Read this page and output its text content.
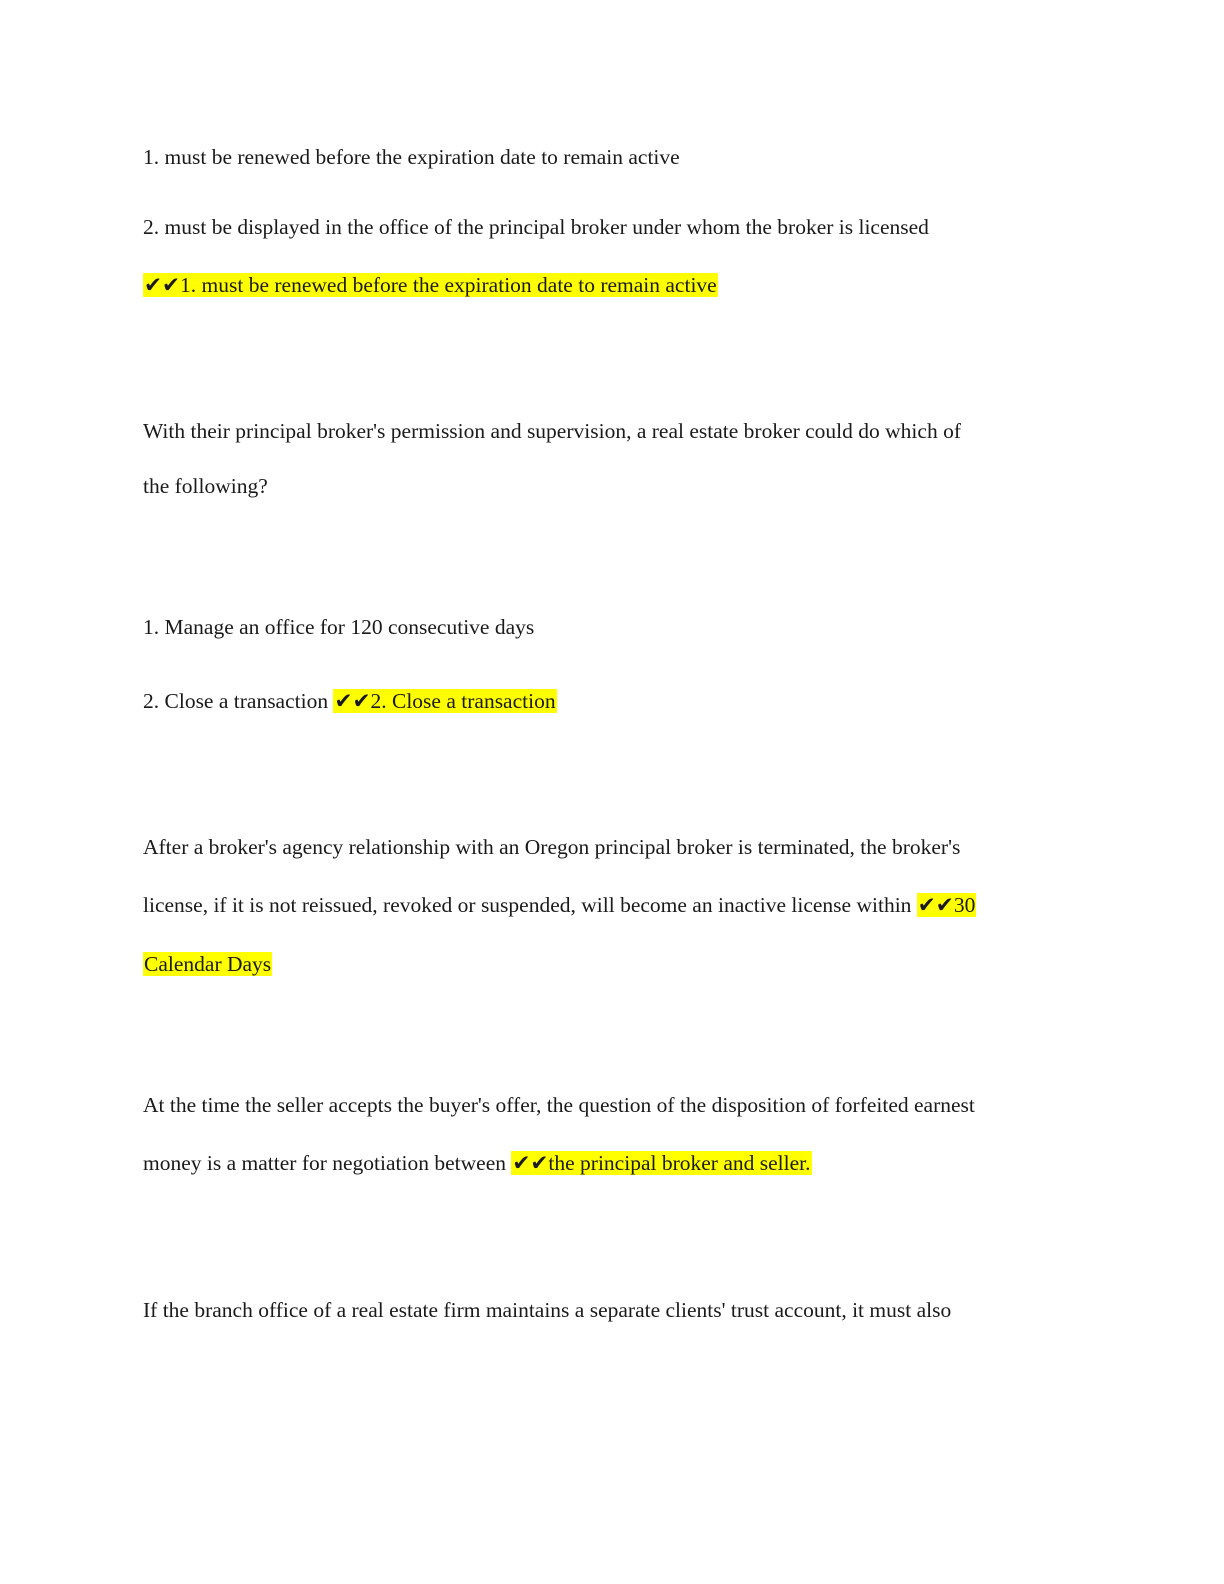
1. must be renewed before the expiration date to remain active

2. must be displayed in the office of the principal broker under whom the broker is licensed

✔✔1. must be renewed before the expiration date to remain active

With their principal broker's permission and supervision, a real estate broker could do which of

the following?

1. Manage an office for 120 consecutive days

2. Close a transaction ✔✔2. Close a transaction

After a broker's agency relationship with an Oregon principal broker is terminated, the broker's

license, if it is not reissued, revoked or suspended, will become an inactive license within ✔✔30

Calendar Days

At the time the seller accepts the buyer's offer, the question of the disposition of forfeited earnest

money is a matter for negotiation between ✔✔the principal broker and seller.

If the branch office of a real estate firm maintains a separate clients' trust account, it must also
